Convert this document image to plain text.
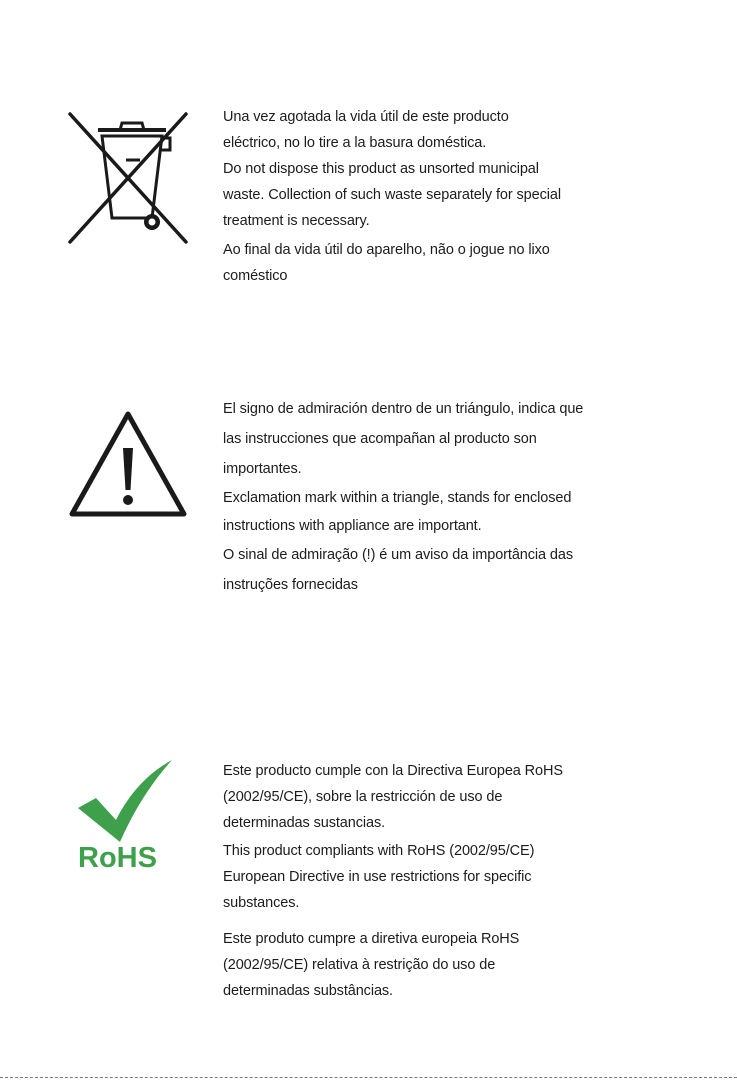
Una vez agotada la vida útil de este producto
eléctrico, no lo tire a la basura doméstica.

Do not dispose this product as unsorted municipal
waste. Collection of such waste separately for special
treatment is necessary.

Ao final da vida útil do aparelho, não o jogue no lixo
coméstico

El signo de admiración dentro de un triángulo, indica que
las instrucciones que acompañan al producto son
importantes.

Exclamation mark within a triangle, stands for enclosed
instructions with appliance are important.

O sinal de admiração (!) é um aviso da importância das
instruções fornecidas

RoHS

Este producto cumple con la Directiva Europea RoHS
(2002/95/CE), sobre la restricción de uso de
determinadas sustancias.

This product compliants with RoHS (2002/95/CE)
European Directive in use restrictions for specific
substances.

Este produto cumpre a diretiva europeia RoHS
(2002/95/CE) relativa à restrição do uso de
determinadas substâncias.
